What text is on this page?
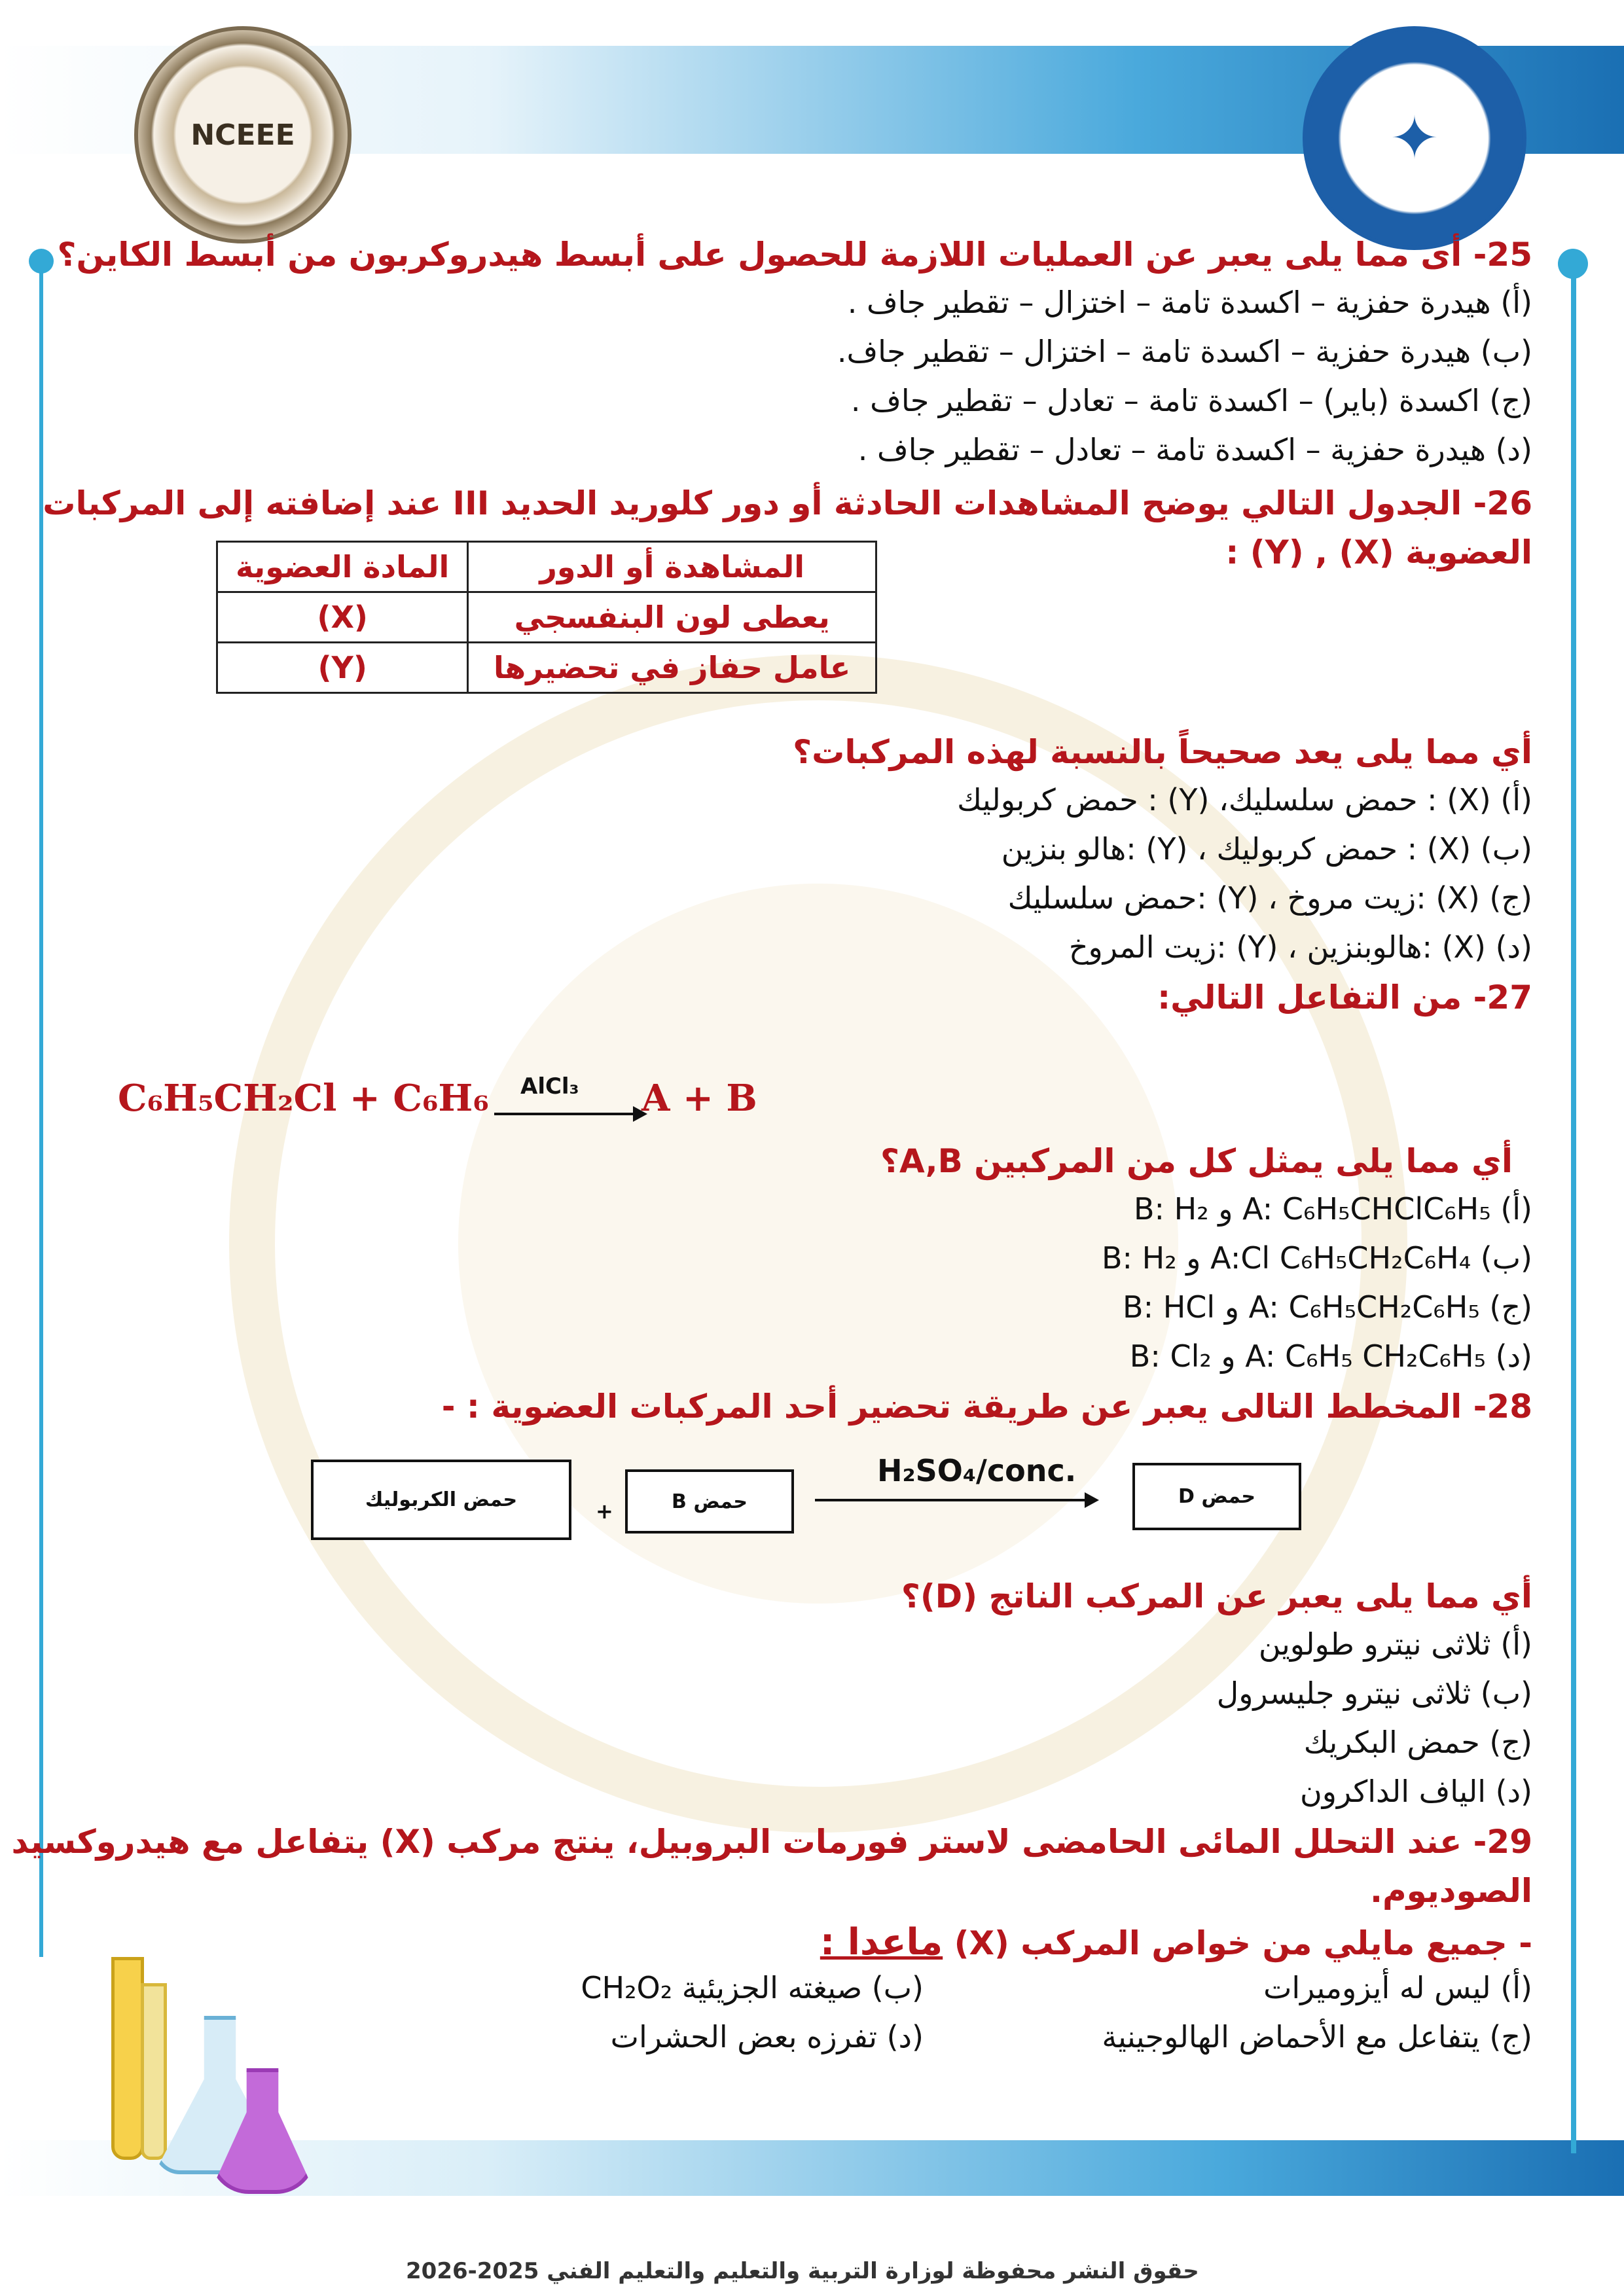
NCEEE	✦
25- أى مما يلى يعبر عن العمليات اللازمة للحصول على أبسط هيدروكربون من أبسط الكاين؟
(أ) هيدرة حفزية – اكسدة تامة – اختزال – تقطير جاف .
(ب) هيدرة حفزية – اكسدة تامة – اختزال – تقطير جاف.
(ج) اكسدة (باير) – اكسدة تامة – تعادل – تقطير جاف .
(د) هيدرة حفزية – اكسدة تامة – تعادل – تقطير جاف .
26- الجدول التالي يوضح المشاهدات الحادثة أو دور كلوريد الحديد III عند إضافته إلى المركبات
العضوية (X) , (Y) :
المشاهدة أو الدور	المادة العضوية
يعطى لون البنفسجي	(X)
عامل حفاز في تحضيرها	(Y)
أي مما يلى يعد صحيحاً بالنسبة لهذه المركبات؟
(أ) (X) : حمض سلسليك، (Y) : حمض كربوليك
(ب) (X) : حمض كربوليك ، (Y) :هالو بنزين
(ج) (X) :زيت مروخ ، (Y) :حمض سلسليك
(د) (X) :هالوبنزين ، (Y) :زيت المروخ
27- من التفاعل التالي:
C₆H₅CH₂Cl + C₆H₆ AlCl₃ A + B
أي مما يلى يمثل كل من المركبين A,B؟
(أ) A: C₆H₅CHClC₆H₅ و B: H₂
(ب) A:Cl C₆H₅CH₂C₆H₄ و B: H₂
(ج) A: C₆H₅CH₂C₆H₅ و B: HCl
(د) A: C₆H₅ CH₂C₆H₅ و B: Cl₂
28- المخطط التالى يعبر عن طريقة تحضير أحد المركبات العضوية : -
حمض الكربوليك	+	حمض B
H₂SO₄/conc.
حمض D
أي مما يلى يعبر عن المركب الناتج (D)؟
(أ) ثلاثى نيترو طولوين
(ب) ثلاثى نيترو جليسرول
(ج) حمض البكريك
(د) الياف الداكرون
29- عند التحلل المائى الحامضى لاستر فورمات البروبيل، ينتج مركب (X) يتفاعل مع هيدروكسيد
الصوديوم.
- جميع مايلي من خواص المركب (X) ماعدا :
(أ) ليس له أيزوميرات
(ب) صيغته الجزيئية CH₂O₂
(ج) يتفاعل مع الأحماض الهالوجينية
(د) تفرزه بعض الحشرات
حقوق النشر محفوظة لوزارة التربية والتعليم والتعليم الفني 2025-2026
